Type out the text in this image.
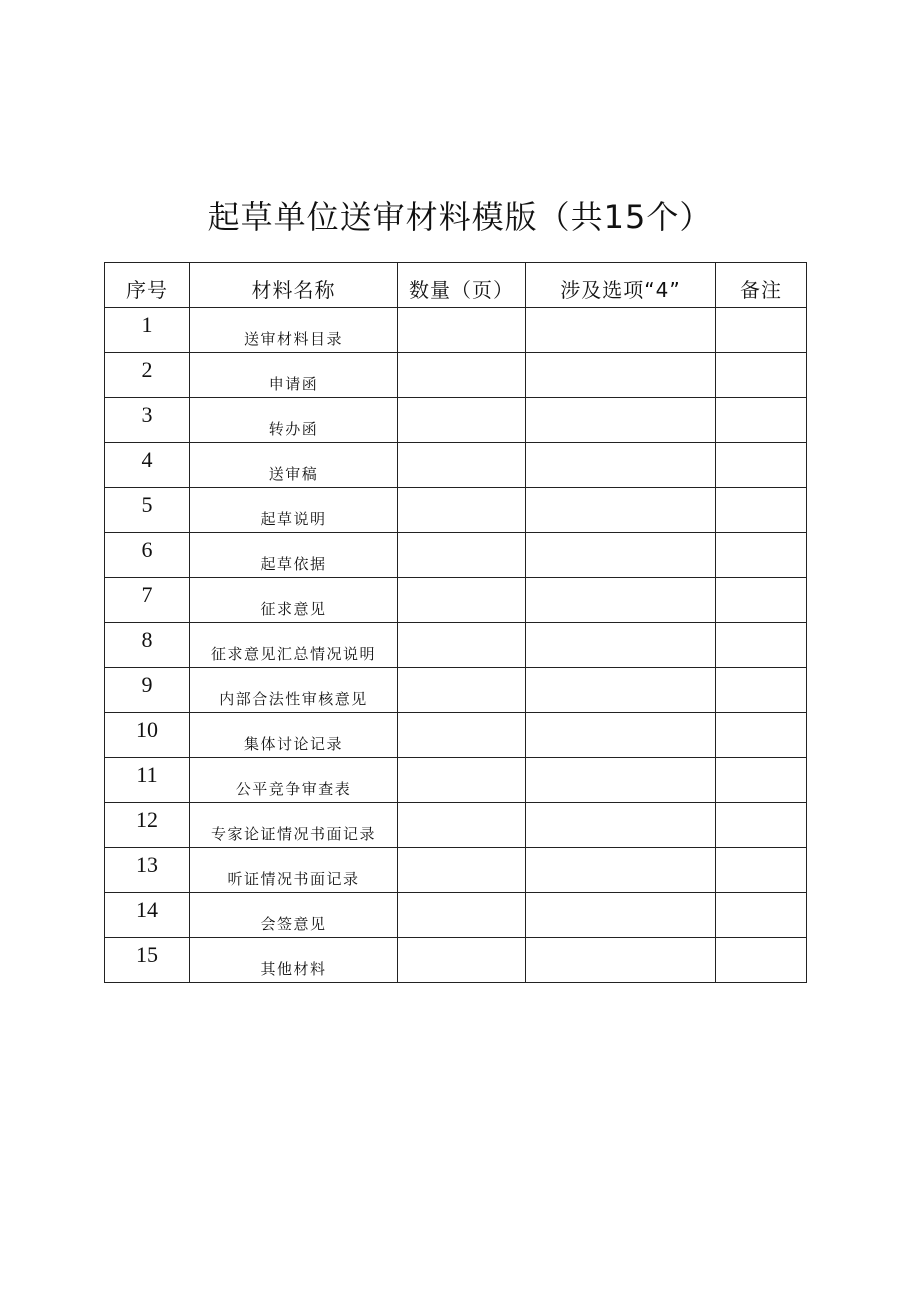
起草单位送审材料模版（共15个）
序号	材料名称	数量（页）	涉及选项“4”	备注
1	送审材料目录			
2	申请函			
3	转办函			
4	送审稿			
5	起草说明			
6	起草依据			
7	征求意见			
8	征求意见汇总情况说明			
9	内部合法性审核意见			
10	集体讨论记录			
11	公平竞争审查表			
12	专家论证情况书面记录			
13	听证情况书面记录			
14	会签意见			
15	其他材料			
